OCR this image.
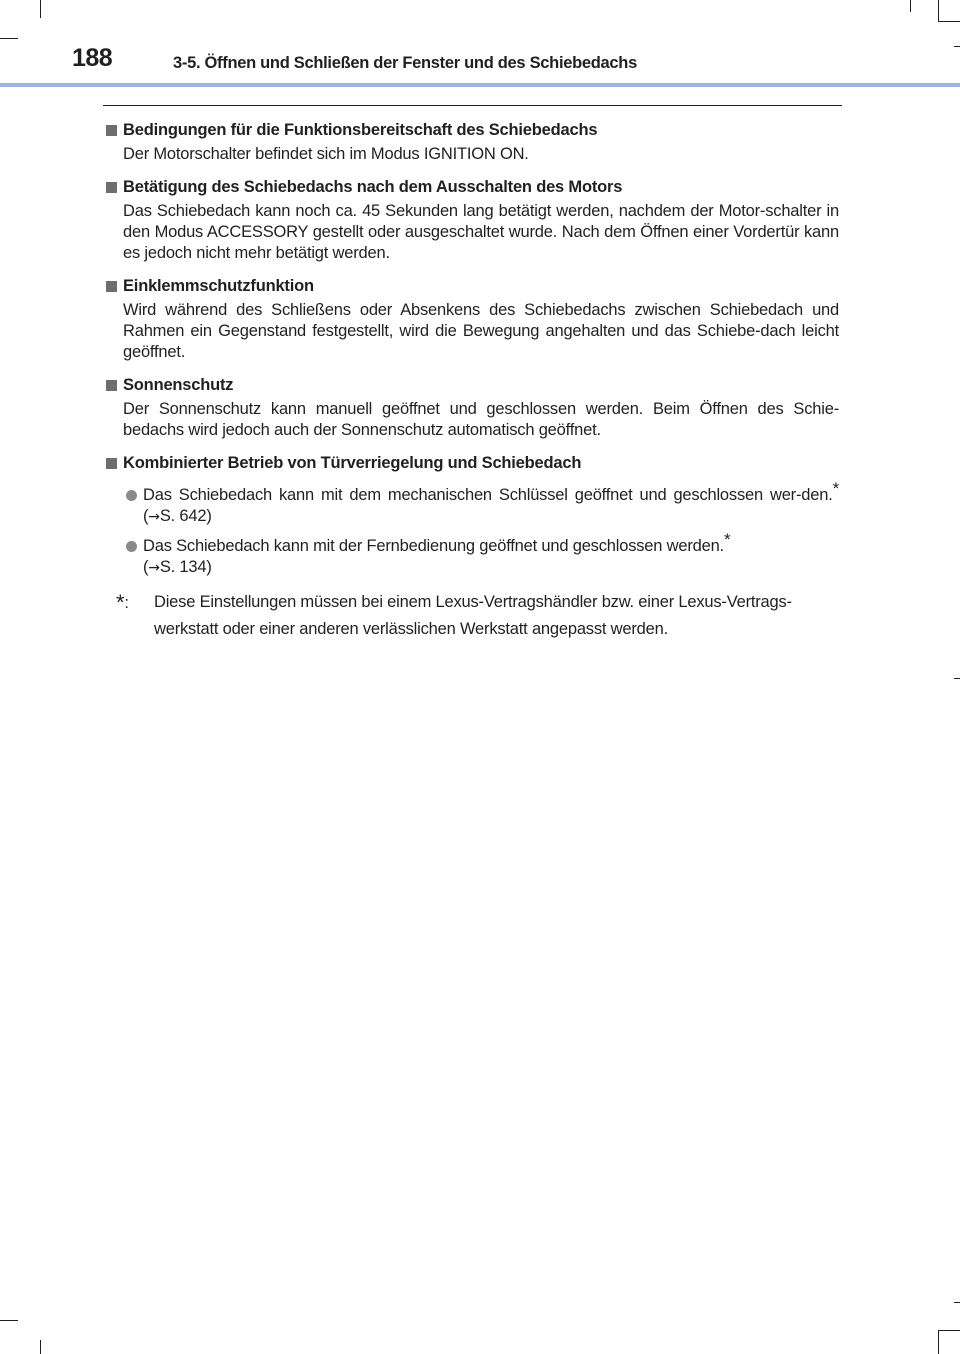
188	3-5. Öffnen und Schließen der Fenster und des Schiebedachs
Bedingungen für die Funktionsbereitschaft des Schiebedachs
Der Motorschalter befindet sich im Modus IGNITION ON.
Betätigung des Schiebedachs nach dem Ausschalten des Motors
Das Schiebedach kann noch ca. 45 Sekunden lang betätigt werden, nachdem der Motor-schalter in den Modus ACCESSORY gestellt oder ausgeschaltet wurde. Nach dem Öffnen einer Vordertür kann es jedoch nicht mehr betätigt werden.
Einklemmschutzfunktion
Wird während des Schließens oder Absenkens des Schiebedachs zwischen Schiebedach und Rahmen ein Gegenstand festgestellt, wird die Bewegung angehalten und das Schiebe-dach leicht geöffnet.
Sonnenschutz
Der Sonnenschutz kann manuell geöffnet und geschlossen werden. Beim Öffnen des Schie-bedachs wird jedoch auch der Sonnenschutz automatisch geöffnet.
Kombinierter Betrieb von Türverriegelung und Schiebedach
Das Schiebedach kann mit dem mechanischen Schlüssel geöffnet und geschlossen wer-den.* (→S. 642)
Das Schiebedach kann mit der Fernbedienung geöffnet und geschlossen werden.*
(→S. 134)
*:	Diese Einstellungen müssen bei einem Lexus-Vertragshändler bzw. einer Lexus-Vertrags-werkstatt oder einer anderen verlässlichen Werkstatt angepasst werden.
